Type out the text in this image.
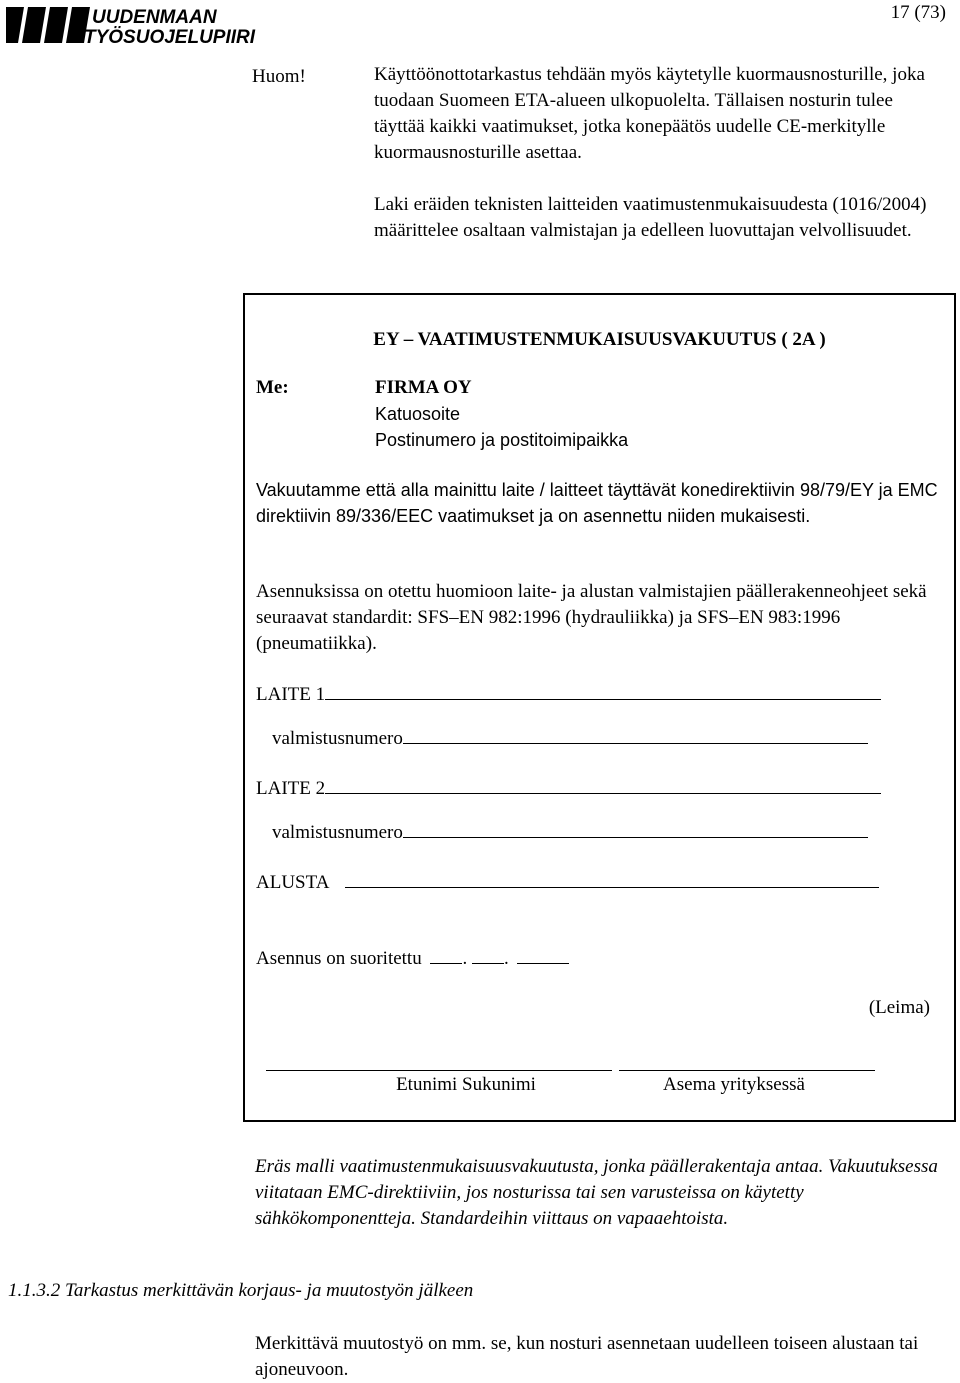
UUDENMAAN
TYÖSUOJELUPIIRI
17 (73)
Huom!	Käyttöönottotarkastus tehdään myös käytetylle kuormausnosturille, joka tuodaan Suomeen ETA-alueen ulkopuolelta. Tällaisen nosturin tulee täyttää kaikki vaatimukset, jotka konepäätös uudelle CE-merkitylle kuormausnosturille asettaa.
Laki eräiden teknisten laitteiden vaatimustenmukaisuudesta (1016/2004) määrittelee osaltaan valmistajan ja edelleen luovuttajan velvollisuudet.
EY – VAATIMUSTENMUKAISUUSVAKUUTUS ( 2A )
Me:	FIRMA OY
Katuosoite
Postinumero ja postitoimipaikka
Vakuutamme että alla mainittu laite / laitteet täyttävät konedirektiivin 98/79/EY ja EMC direktiivin 89/336/EEC vaatimukset ja on asennettu niiden mukaisesti.
Asennuksissa on otettu huomioon laite- ja alustan valmistajien päällerakenneohjeet sekä seuraavat standardit: SFS–EN 982:1996 (hydrauliikka) ja SFS–EN 983:1996 (pneumatiikka).
LAITE 1
valmistusnumero
LAITE 2
valmistusnumero
ALUSTA
Asennus on suoritettu . .
(Leima)
Etunimi Sukunimi	Asema yrityksessä
Eräs malli vaatimustenmukaisuusvakuutusta, jonka päällerakentaja antaa. Vakuutuksessa viitataan EMC-direktiiviin, jos nosturissa tai sen varusteissa on käytetty sähkökomponentteja. Standardeihin viittaus on vapaaehtoista.
1.1.3.2 Tarkastus merkittävän korjaus- ja muutostyön jälkeen
Merkittävä muutostyö on mm. se, kun nosturi asennetaan uudelleen toiseen alustaan tai ajoneuvoon.
